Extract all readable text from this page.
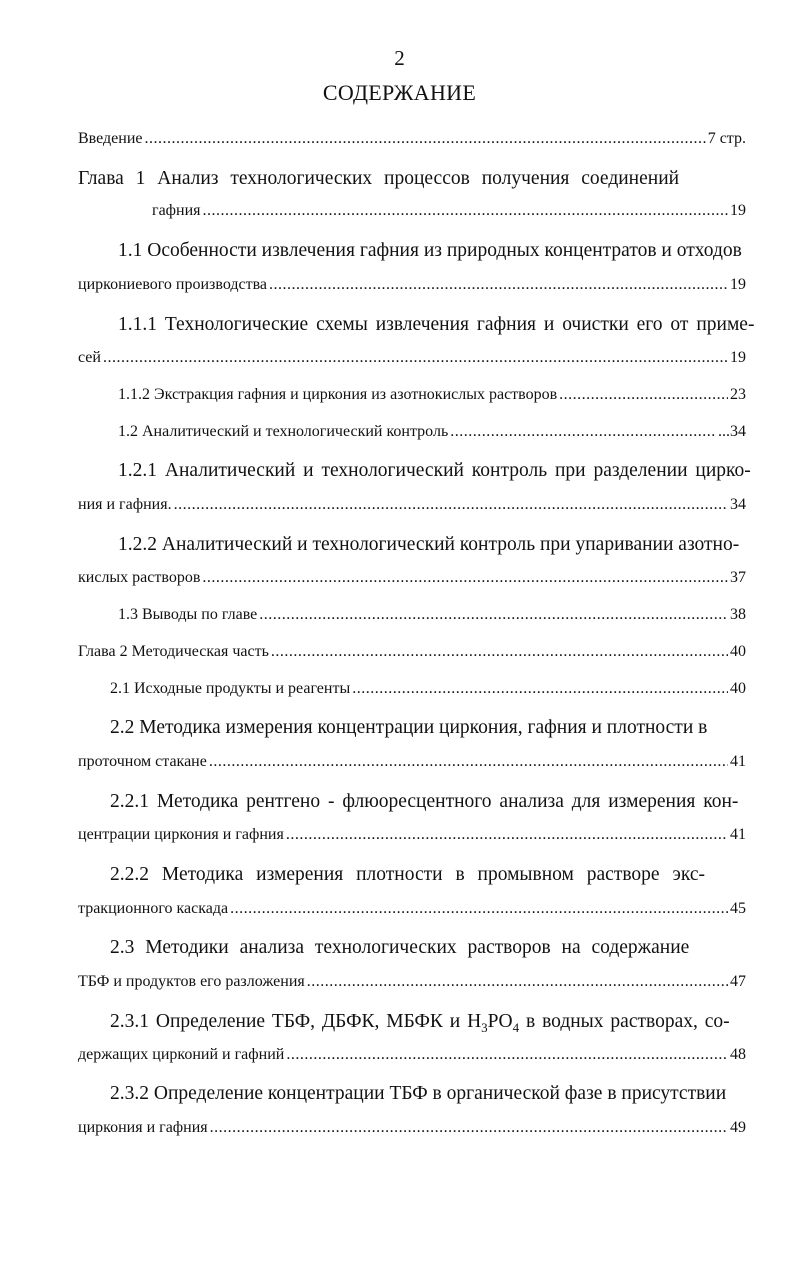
2
СОДЕРЖАНИЕ
Введение .....	7 стр.
Глава 1 Анализ технологических процессов получения соединений
гафния .....	19
1.1 Особенности извлечения гафния из природных концентратов и отходов
циркониевого производства .....	19
1.1.1 Технологические схемы извлечения гафния и очистки его от приме-
сей .....	19
1.1.2 Экстракция гафния и циркония из азотнокислых растворов .....	23
1.2 Аналитический и технологический контроль .....	...34
1.2.1 Аналитический и технологический контроль при разделении цирко-
ния и гафния. .....	34
1.2.2 Аналитический и технологический контроль при упаривании азотно-
кислых растворов .....	37
1.3 Выводы по главе .....	38
Глава 2 Методическая часть .....	40
2.1 Исходные продукты и реагенты .....	40
2.2 Методика измерения концентрации циркония, гафния и плотности в
проточном стакане .....	41
2.2.1 Методика рентгено - флюоресцентного анализа для измерения кон-
центрации циркония и гафния .....	41
2.2.2 Методика измерения плотности в промывном растворе экс-
тракционного каскада .....	45
2.3 Методики анализа технологических растворов на содержание
ТБФ и продуктов его разложения .....	47
2.3.1 Определение ТБФ, ДБФК, МБФК и $H_3PO_4$ в водных растворах, со-
держащих цирконий и гафний .....	48
2.3.2 Определение концентрации ТБФ в органической фазе в присутствии
циркония и гафния .....	49
